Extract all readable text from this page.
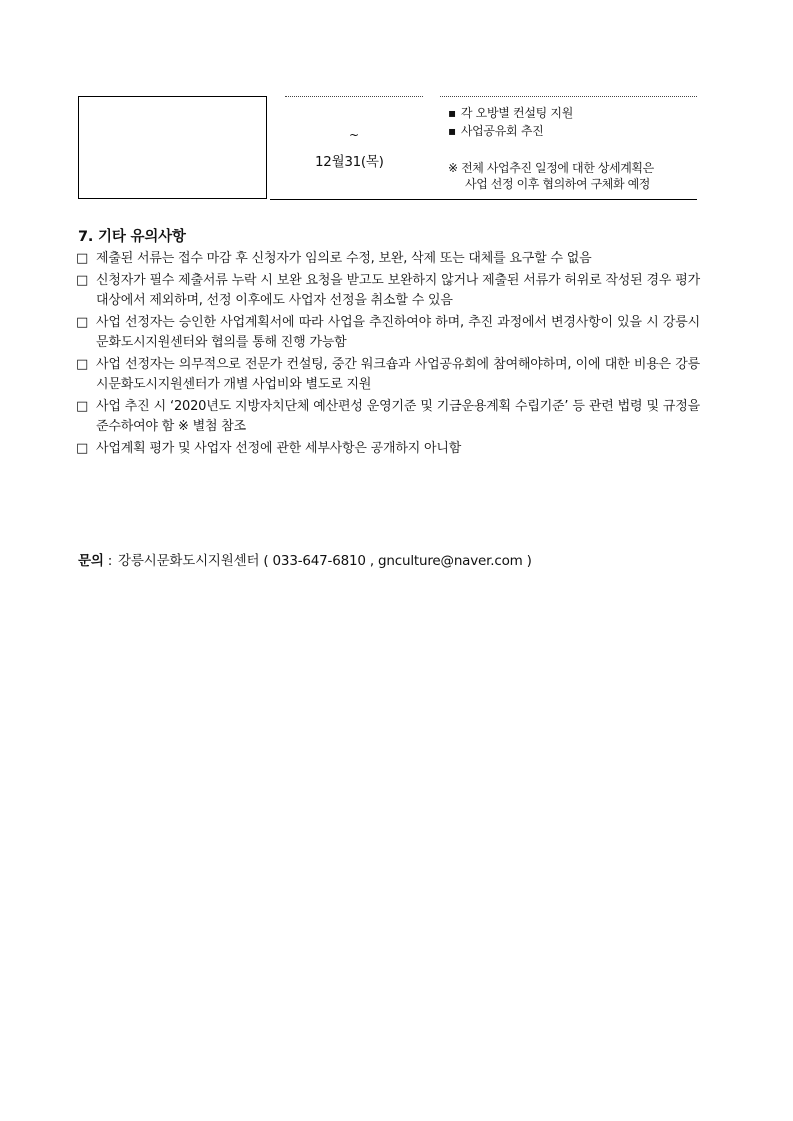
~
12월31(목)
▪ 각 오방별 컨설팅 지원
▪ 사업공유회 추진
※ 전체 사업추진 일정에 대한 상세계획은
사업 선정 이후 협의하여 구체화 예정
7. 기타 유의사항
□ 제출된 서류는 접수 마감 후 신청자가 임의로 수정, 보완, 삭제 또는 대체를 요구할 수 없음
□ 신청자가 필수 제출서류 누락 시 보완 요청을 받고도 보완하지 않거나 제출된 서류가 허위로 작성된 경우 평가 대상에서 제외하며, 선정 이후에도 사업자 선정을 취소할 수 있음
□ 사업 선정자는 승인한 사업계획서에 따라 사업을 추진하여야 하며, 추진 과정에서 변경사항이 있을 시 강릉시문화도시지원센터와 협의를 통해 진행 가능함
□ 사업 선정자는 의무적으로 전문가 컨설팅, 중간 워크숍과 사업공유회에 참여해야하며, 이에 대한 비용은 강릉시문화도시지원센터가 개별 사업비와 별도로 지원
□ 사업 추진 시 ‘2020년도 지방자치단체 예산편성 운영기준 및 기금운용계획 수립기준’ 등 관련 법령 및 규정을 준수하여야 함 ※ 별첨 참조
□ 사업계획 평가 및 사업자 선정에 관한 세부사항은 공개하지 아니함
문의 : 강릉시문화도시지원센터 ( 033-647-6810 , gnculture@naver.com )
